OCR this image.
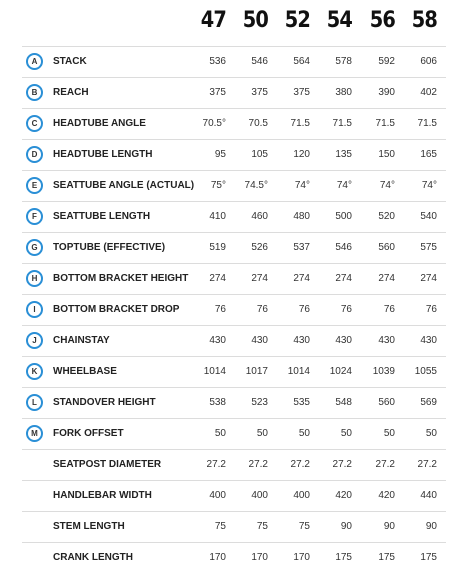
47 50 52 54 56 58
A	STACK	536	546	564	578	592	606
B	REACH	375	375	375	380	390	402
C	HEADTUBE ANGLE	70.5°	70.5	71.5	71.5	71.5	71.5
D	HEADTUBE LENGTH	95	105	120	135	150	165
E	SEATTUBE ANGLE (ACTUAL)	75°	74.5°	74°	74°	74°	74°
F	SEATTUBE LENGTH	410	460	480	500	520	540
G	TOPTUBE (EFFECTIVE)	519	526	537	546	560	575
H	BOTTOM BRACKET HEIGHT	274	274	274	274	274	274
I	BOTTOM BRACKET DROP	76	76	76	76	76	76
J	CHAINSTAY	430	430	430	430	430	430
K	WHEELBASE	1014	1017	1014	1024	1039	1055
L	STANDOVER HEIGHT	538	523	535	548	560	569
M	FORK OFFSET	50	50	50	50	50	50
SEATPOST DIAMETER	27.2	27.2	27.2	27.2	27.2	27.2
HANDLEBAR WIDTH	400	400	400	420	420	440
STEM LENGTH	75	75	75	90	90	90
CRANK LENGTH	170	170	170	175	175	175
